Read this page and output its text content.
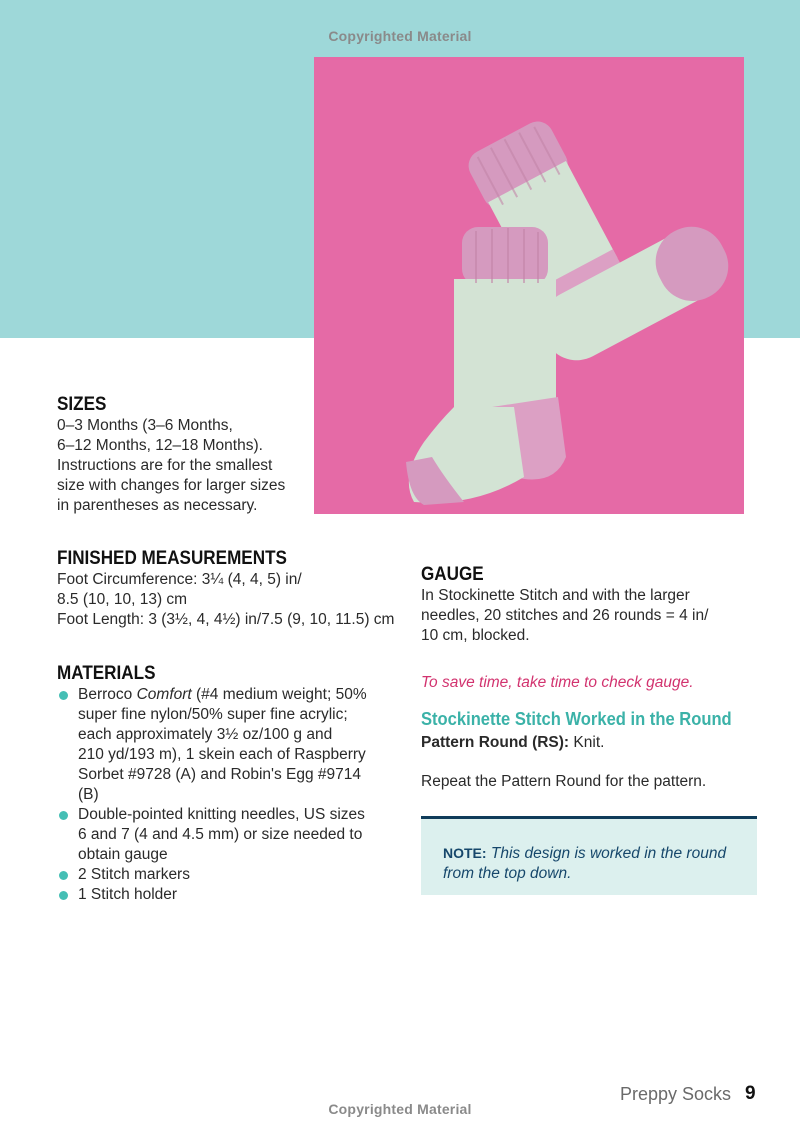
Copyrighted Material

SIZES

0–3 Months (3–6 Months,

6–12 Months, 12–18 Months).

Instructions are for the smallest

size with changes for larger sizes

in parentheses as necessary.

FINISHED MEASUREMENTS

Foot Circumference: 3¼ (4, 4, 5) in/

8.5 (10, 10, 13) cm

Foot Length: 3 (3½, 4, 4½) in/7.5 (9, 10, 11.5) cm

MATERIALS

Berroco Comfort (#4 medium weight; 50%
super fine nylon/50% super fine acrylic;
each approximately 3½ oz/100 g and
210 yd/193 m), 1 skein each of Raspberry
Sorbet #9728 (A) and Robin's Egg #9714
(B)
Double-pointed knitting needles, US sizes
6 and 7 (4 and 4.5 mm) or size needed to
obtain gauge
2 Stitch markers
1 Stitch holder

GAUGE

In Stockinette Stitch and with the larger

needles, 20 stitches and 26 rounds = 4 in/

10 cm, blocked.

To save time, take time to check gauge.
Stockinette Stitch Worked in the Round
Pattern Round (RS): Knit.
Repeat the Pattern Round for the pattern.
NOTE: This design is worked in the round
from the top down.
Preppy Socks 9
Copyrighted Material
